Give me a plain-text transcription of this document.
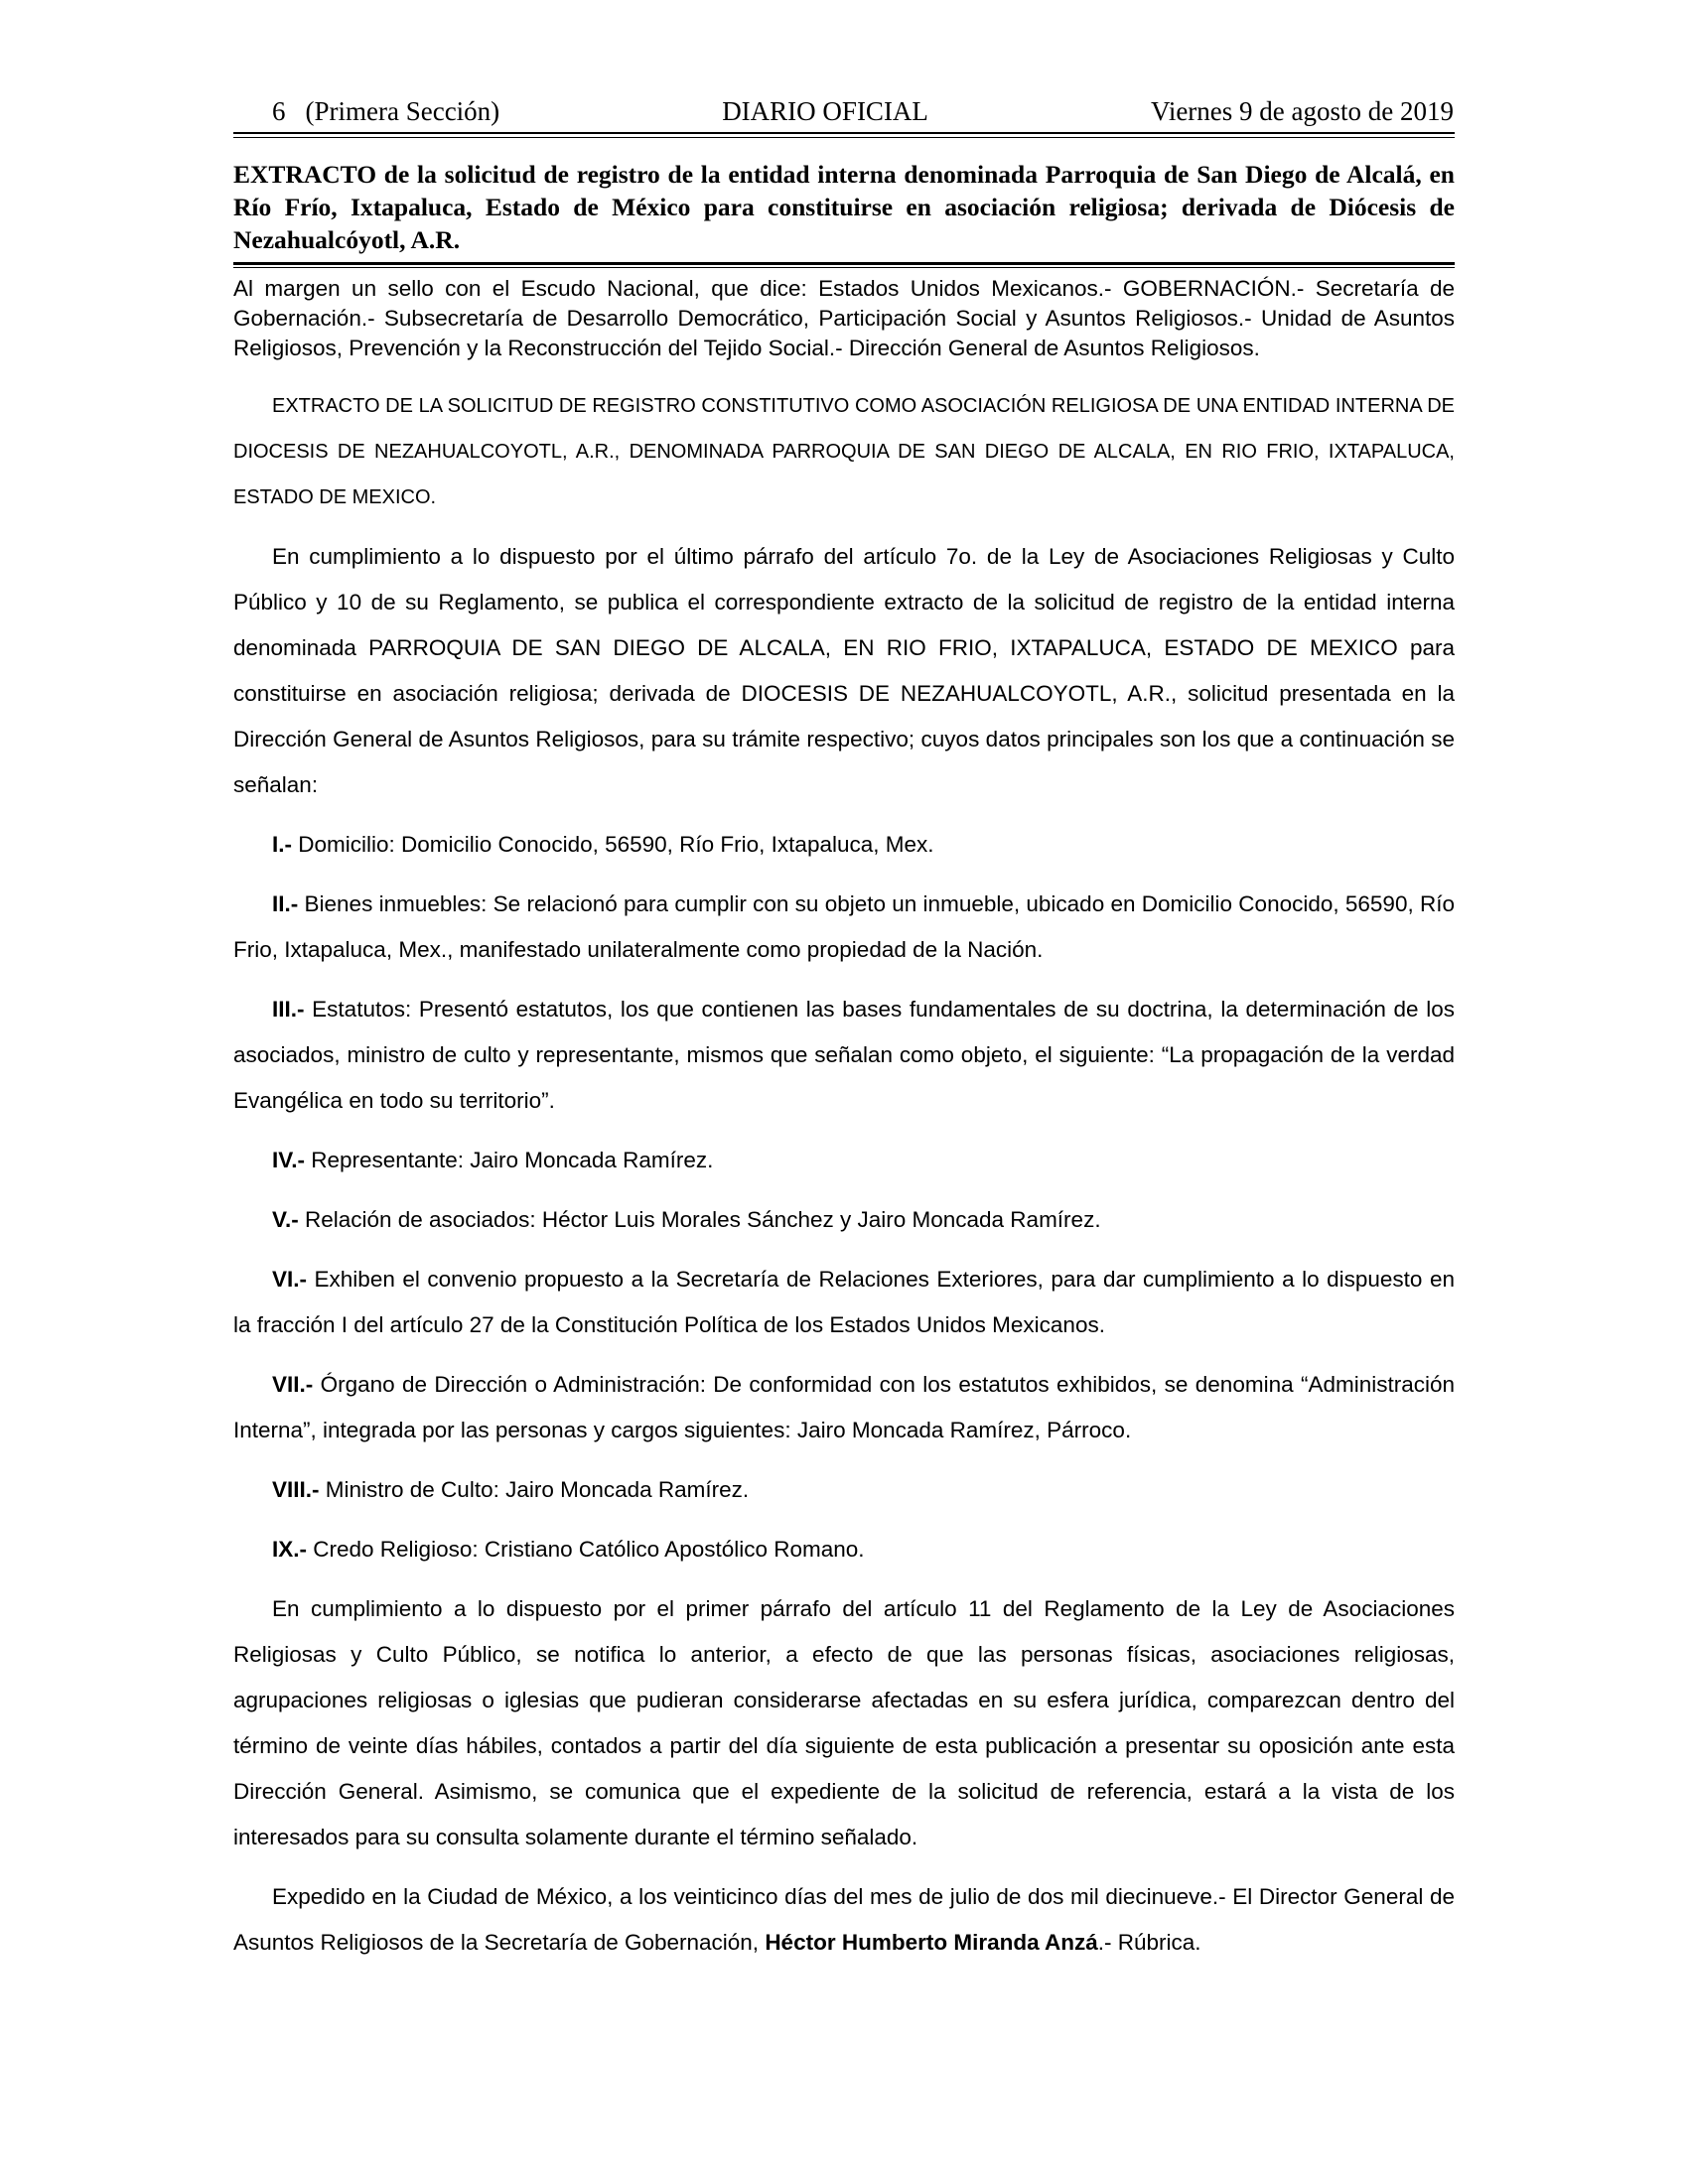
6 (Primera Sección)	DIARIO OFICIAL	Viernes 9 de agosto de 2019
EXTRACTO de la solicitud de registro de la entidad interna denominada Parroquia de San Diego de Alcalá, en Río Frío, Ixtapaluca, Estado de México para constituirse en asociación religiosa; derivada de Diócesis de Nezahualcóyotl, A.R.
Al margen un sello con el Escudo Nacional, que dice: Estados Unidos Mexicanos.- GOBERNACIÓN.- Secretaría de Gobernación.- Subsecretaría de Desarrollo Democrático, Participación Social y Asuntos Religiosos.- Unidad de Asuntos Religiosos, Prevención y la Reconstrucción del Tejido Social.- Dirección General de Asuntos Religiosos.
EXTRACTO DE LA SOLICITUD DE REGISTRO CONSTITUTIVO COMO ASOCIACIÓN RELIGIOSA DE UNA ENTIDAD INTERNA DE DIOCESIS DE NEZAHUALCOYOTL, A.R., DENOMINADA PARROQUIA DE SAN DIEGO DE ALCALA, EN RIO FRIO, IXTAPALUCA, ESTADO DE MEXICO.

En cumplimiento a lo dispuesto por el último párrafo del artículo 7o. de la Ley de Asociaciones Religiosas y Culto Público y 10 de su Reglamento, se publica el correspondiente extracto de la solicitud de registro de la entidad interna denominada PARROQUIA DE SAN DIEGO DE ALCALA, EN RIO FRIO, IXTAPALUCA, ESTADO DE MEXICO para constituirse en asociación religiosa; derivada de DIOCESIS DE NEZAHUALCOYOTL, A.R., solicitud presentada en la Dirección General de Asuntos Religiosos, para su trámite respectivo; cuyos datos principales son los que a continuación se señalan:

I.- Domicilio: Domicilio Conocido, 56590, Río Frio, Ixtapaluca, Mex.

II.- Bienes inmuebles: Se relacionó para cumplir con su objeto un inmueble, ubicado en Domicilio Conocido, 56590, Río Frio, Ixtapaluca, Mex., manifestado unilateralmente como propiedad de la Nación.

III.- Estatutos: Presentó estatutos, los que contienen las bases fundamentales de su doctrina, la determinación de los asociados, ministro de culto y representante, mismos que señalan como objeto, el siguiente: “La propagación de la verdad Evangélica en todo su territorio”.

IV.- Representante: Jairo Moncada Ramírez.

V.- Relación de asociados: Héctor Luis Morales Sánchez y Jairo Moncada Ramírez.

VI.- Exhiben el convenio propuesto a la Secretaría de Relaciones Exteriores, para dar cumplimiento a lo dispuesto en la fracción I del artículo 27 de la Constitución Política de los Estados Unidos Mexicanos.

VII.- Órgano de Dirección o Administración: De conformidad con los estatutos exhibidos, se denomina “Administración Interna”, integrada por las personas y cargos siguientes: Jairo Moncada Ramírez, Párroco.

VIII.- Ministro de Culto: Jairo Moncada Ramírez.

IX.- Credo Religioso: Cristiano Católico Apostólico Romano.

En cumplimiento a lo dispuesto por el primer párrafo del artículo 11 del Reglamento de la Ley de Asociaciones Religiosas y Culto Público, se notifica lo anterior, a efecto de que las personas físicas, asociaciones religiosas, agrupaciones religiosas o iglesias que pudieran considerarse afectadas en su esfera jurídica, comparezcan dentro del término de veinte días hábiles, contados a partir del día siguiente de esta publicación a presentar su oposición ante esta Dirección General. Asimismo, se comunica que el expediente de la solicitud de referencia, estará a la vista de los interesados para su consulta solamente durante el término señalado.

Expedido en la Ciudad de México, a los veinticinco días del mes de julio de dos mil diecinueve.- El Director General de Asuntos Religiosos de la Secretaría de Gobernación, Héctor Humberto Miranda Anzá.- Rúbrica.
